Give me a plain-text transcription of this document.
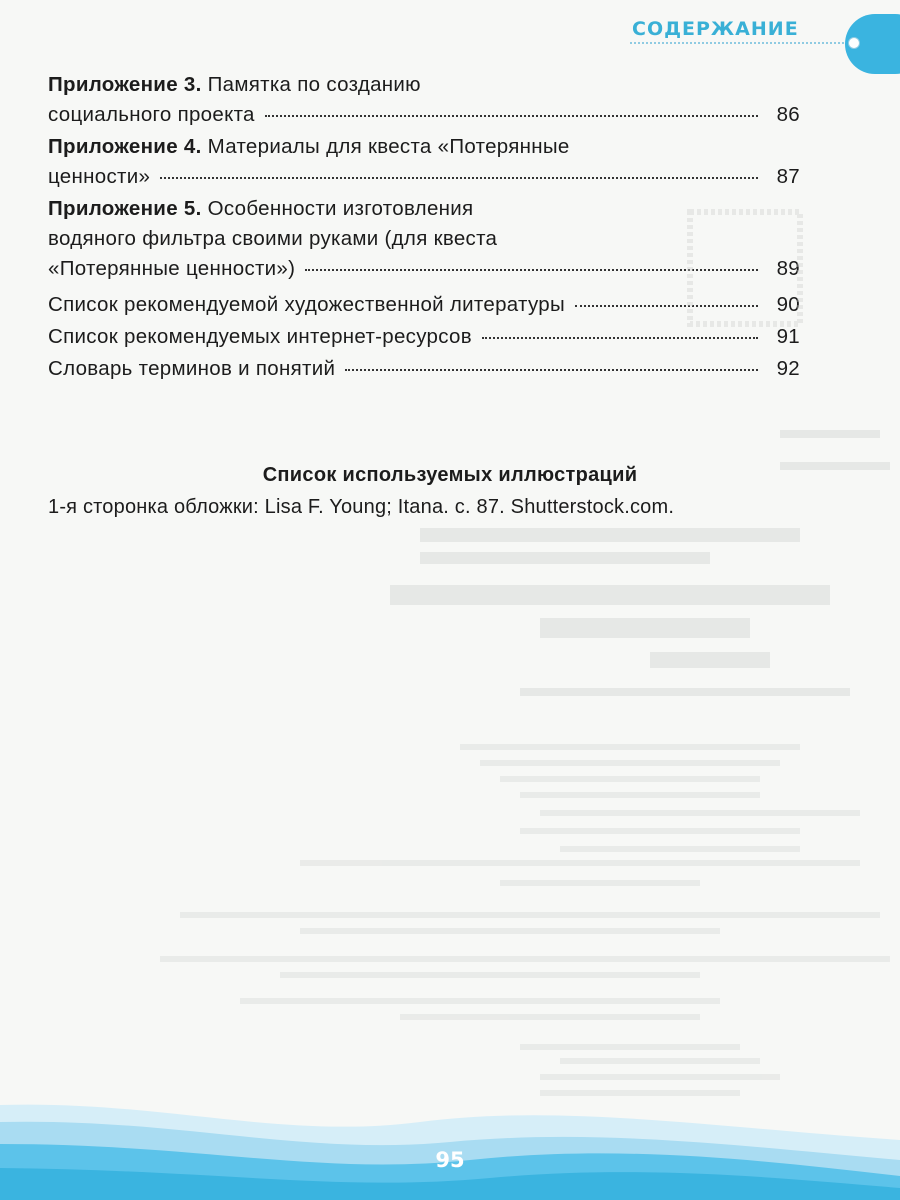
СОДЕРЖАНИЕ
Приложение 3. Памятка по созданию
социального проекта	86
Приложение 4. Материалы для квеста «Потерянные
ценности»	87
Приложение 5. Особенности изготовления
водяного фильтра своими руками (для квеста
«Потерянные ценности»)	89
Список рекомендуемой художественной литературы	90
Список рекомендуемых интернет-ресурсов	91
Словарь терминов и понятий	92
Список используемых иллюстраций
1-я сторонка обложки: Lisa F. Young; Itana. с. 87. Shutterstock.com.
95
